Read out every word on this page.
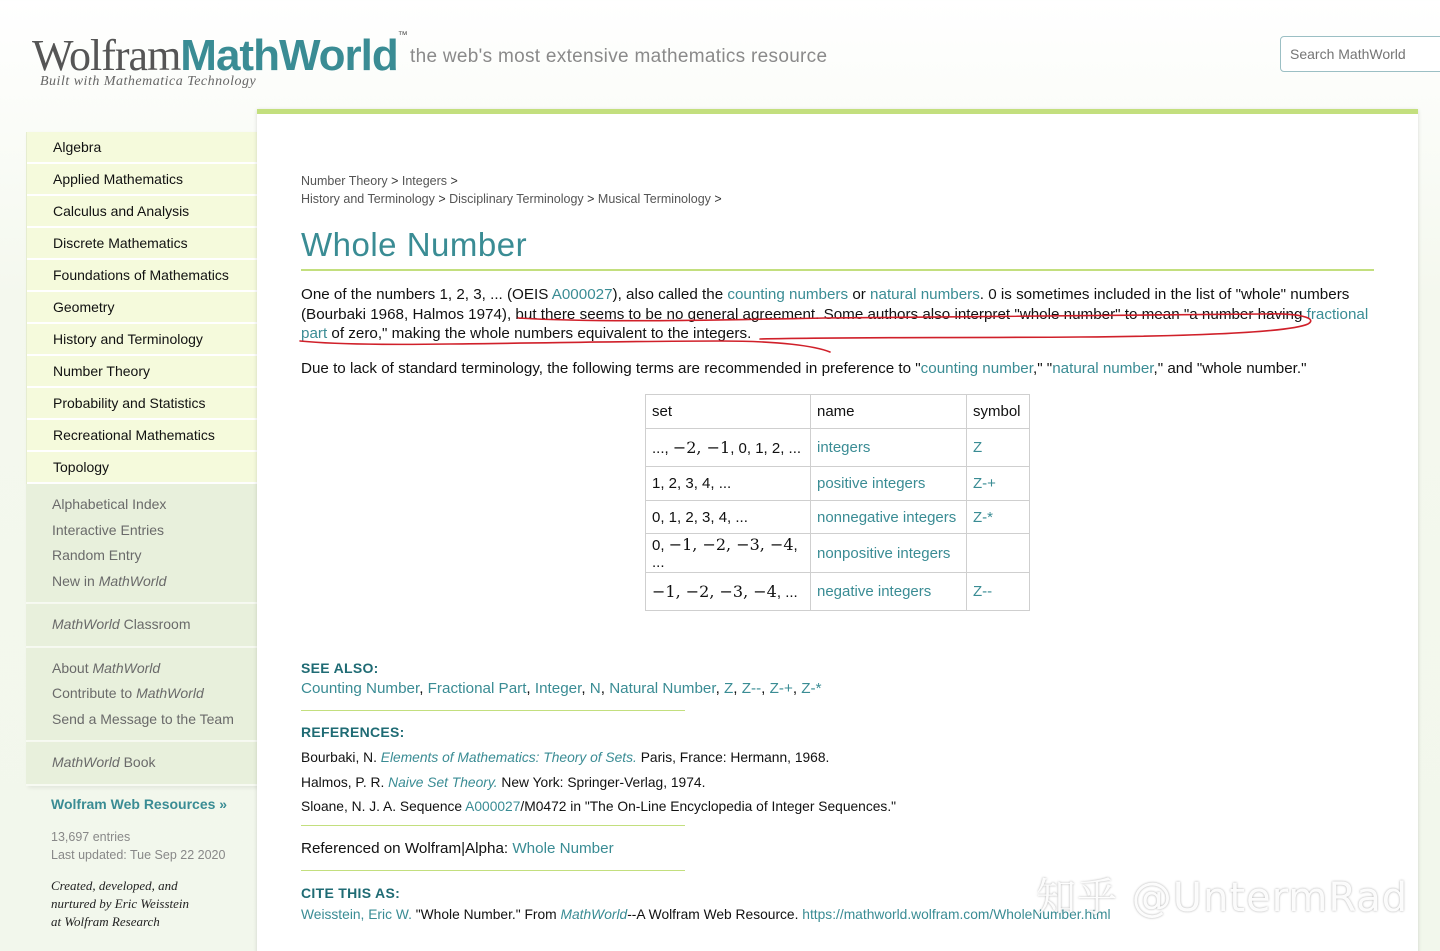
WolframMathWorld™
Built with Mathematica Technology
the web's most extensive mathematics resource
Search MathWorld
Algebra
Applied Mathematics
Calculus and Analysis
Discrete Mathematics
Foundations of Mathematics
Geometry
History and Terminology
Number Theory
Probability and Statistics
Recreational Mathematics
Topology
Alphabetical Index
Interactive Entries
Random Entry
New in MathWorld
MathWorld Classroom
About MathWorld
Contribute to MathWorld
Send a Message to the Team
MathWorld Book
Wolfram Web Resources »
13,697 entries
Last updated: Tue Sep 22 2020
Created, developed, and
nurtured by Eric Weisstein
at Wolfram Research
Number Theory > Integers >
History and Terminology > Disciplinary Terminology > Musical Terminology >
Whole Number

One of the numbers 1, 2, 3, ... (OEIS A000027), also called the counting numbers or natural numbers. 0 is sometimes included in the list of "whole" numbers (Bourbaki 1968, Halmos 1974), but there seems to be no general agreement. Some authors also interpret "whole number" to mean "a number having fractional part of zero," making the whole numbers equivalent to the integers.

Due to lack of standard terminology, the following terms are recommended in preference to "counting number," "natural number," and "whole number."

set	name	symbol
..., −2, −1, 0, 1, 2, ...	integers	Z
1, 2, 3, 4, ...	positive integers	Z-+
0, 1, 2, 3, 4, ...	nonnegative integers	Z-*
0, −1, −2, −3, −4, ...	nonpositive integers	
−1, −2, −3, −4, ...	negative integers	Z--
SEE ALSO:
Counting Number, Fractional Part, Integer, N, Natural Number, Z, Z--, Z-+, Z-*
REFERENCES:
Bourbaki, N. Elements of Mathematics: Theory of Sets. Paris, France: Hermann, 1968.
Halmos, P. R. Naive Set Theory. New York: Springer-Verlag, 1974.
Sloane, N. J. A. Sequence A000027/M0472 in "The On-Line Encyclopedia of Integer Sequences."
Referenced on Wolfram|Alpha: Whole Number
CITE THIS AS:
Weisstein, Eric W. "Whole Number." From MathWorld--A Wolfram Web Resource. https://mathworld.wolfram.com/WholeNumber.html
知乎 @UntermRad
